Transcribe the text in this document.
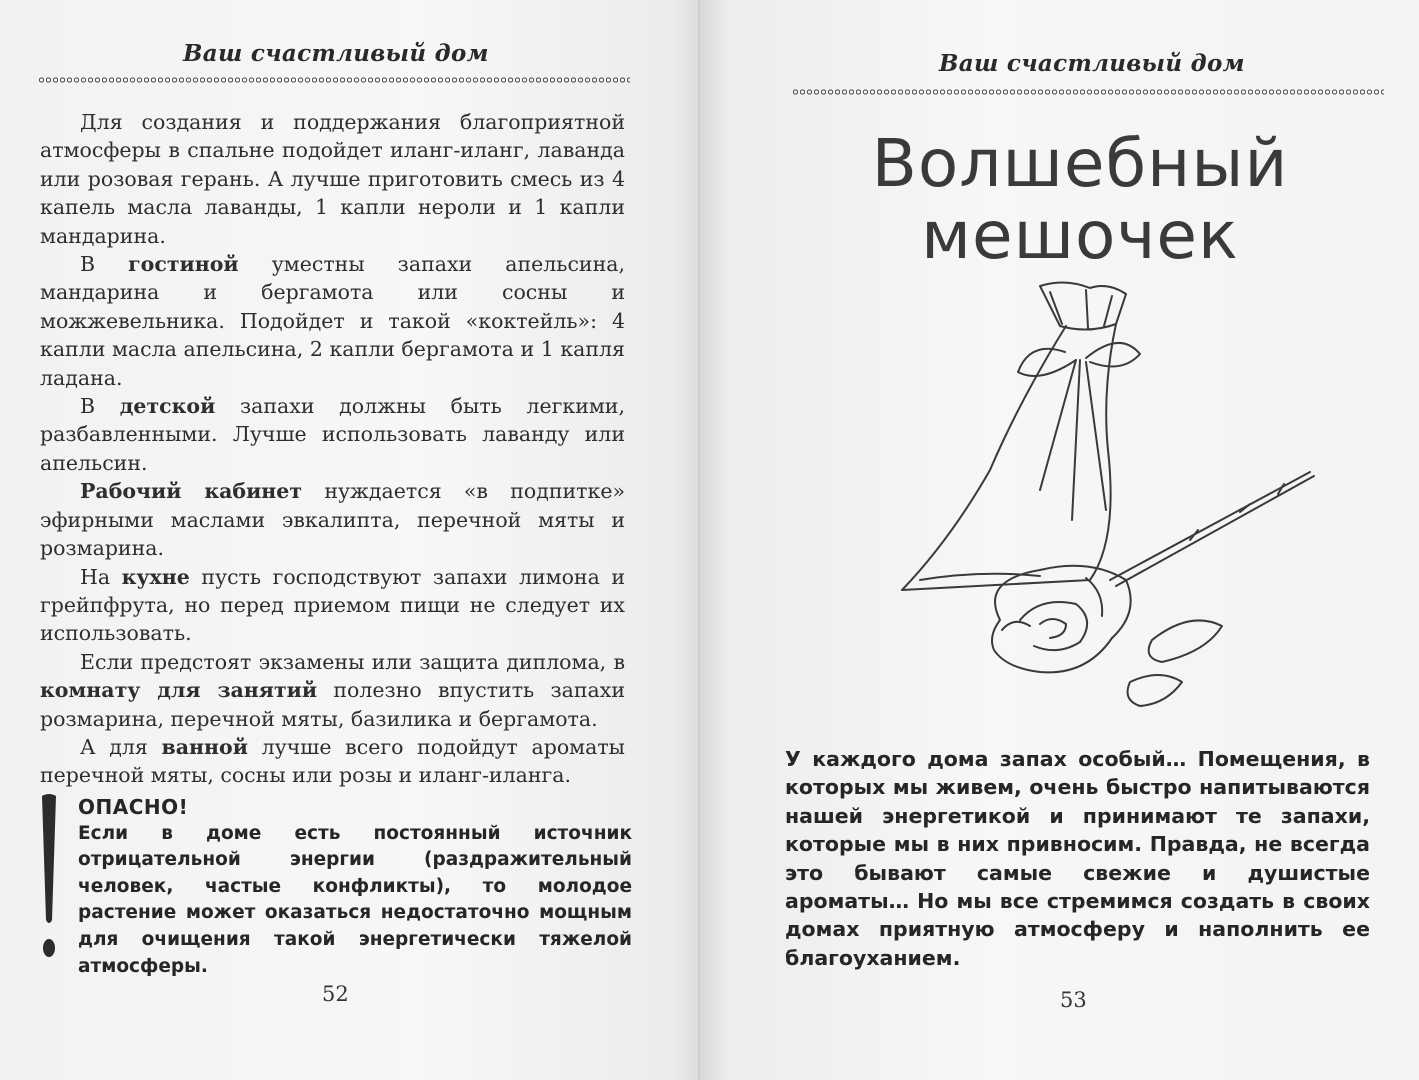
Ваш счастливый дом

Для создания и поддержания благоприятной атмосферы в спальне подойдет иланг-иланг, лаванда или розовая герань. А лучше приготовить смесь из 4 капель масла лаванды, 1 капли нероли и 1 капли мандарина.

В гостиной уместны запахи апельсина, мандарина и бергамота или сосны и можжевельника. Подойдет и такой «коктейль»: 4 капли масла апельсина, 2 капли бергамота и 1 капля ладана.

В детской запахи должны быть легкими, разбавленными. Лучше использовать лаванду или апельсин.

Рабочий кабинет нуждается «в подпитке» эфирными маслами эвкалипта, перечной мяты и розмарина.

На кухне пусть господствуют запахи лимона и грейпфрута, но перед приемом пищи не следует их использовать.

Если предстоят экзамены или защита диплома, в комнату для занятий полезно впустить запахи розмарина, перечной мяты, базилика и бергамота.

А для ванной лучше всего подойдут ароматы перечной мяты, сосны или розы и иланг-иланга.

ОПАСНО!
Если в доме есть постоянный источник отрицательной энергии (раздражительный человек, частые конфликты), то молодое растение может оказаться недостаточно мощным для очищения такой энергетически тяжелой атмосферы.
52
Ваш счастливый дом
Волшебный
мешочек
У каждого дома запах особый… Помещения, в которых мы живем, очень быстро напитываются нашей энергетикой и принимают те запахи, которые мы в них привносим. Правда, не всегда это бывают самые свежие и душистые ароматы… Но мы все стремимся создать в своих домах приятную атмосферу и наполнить ее благоуханием.
53
